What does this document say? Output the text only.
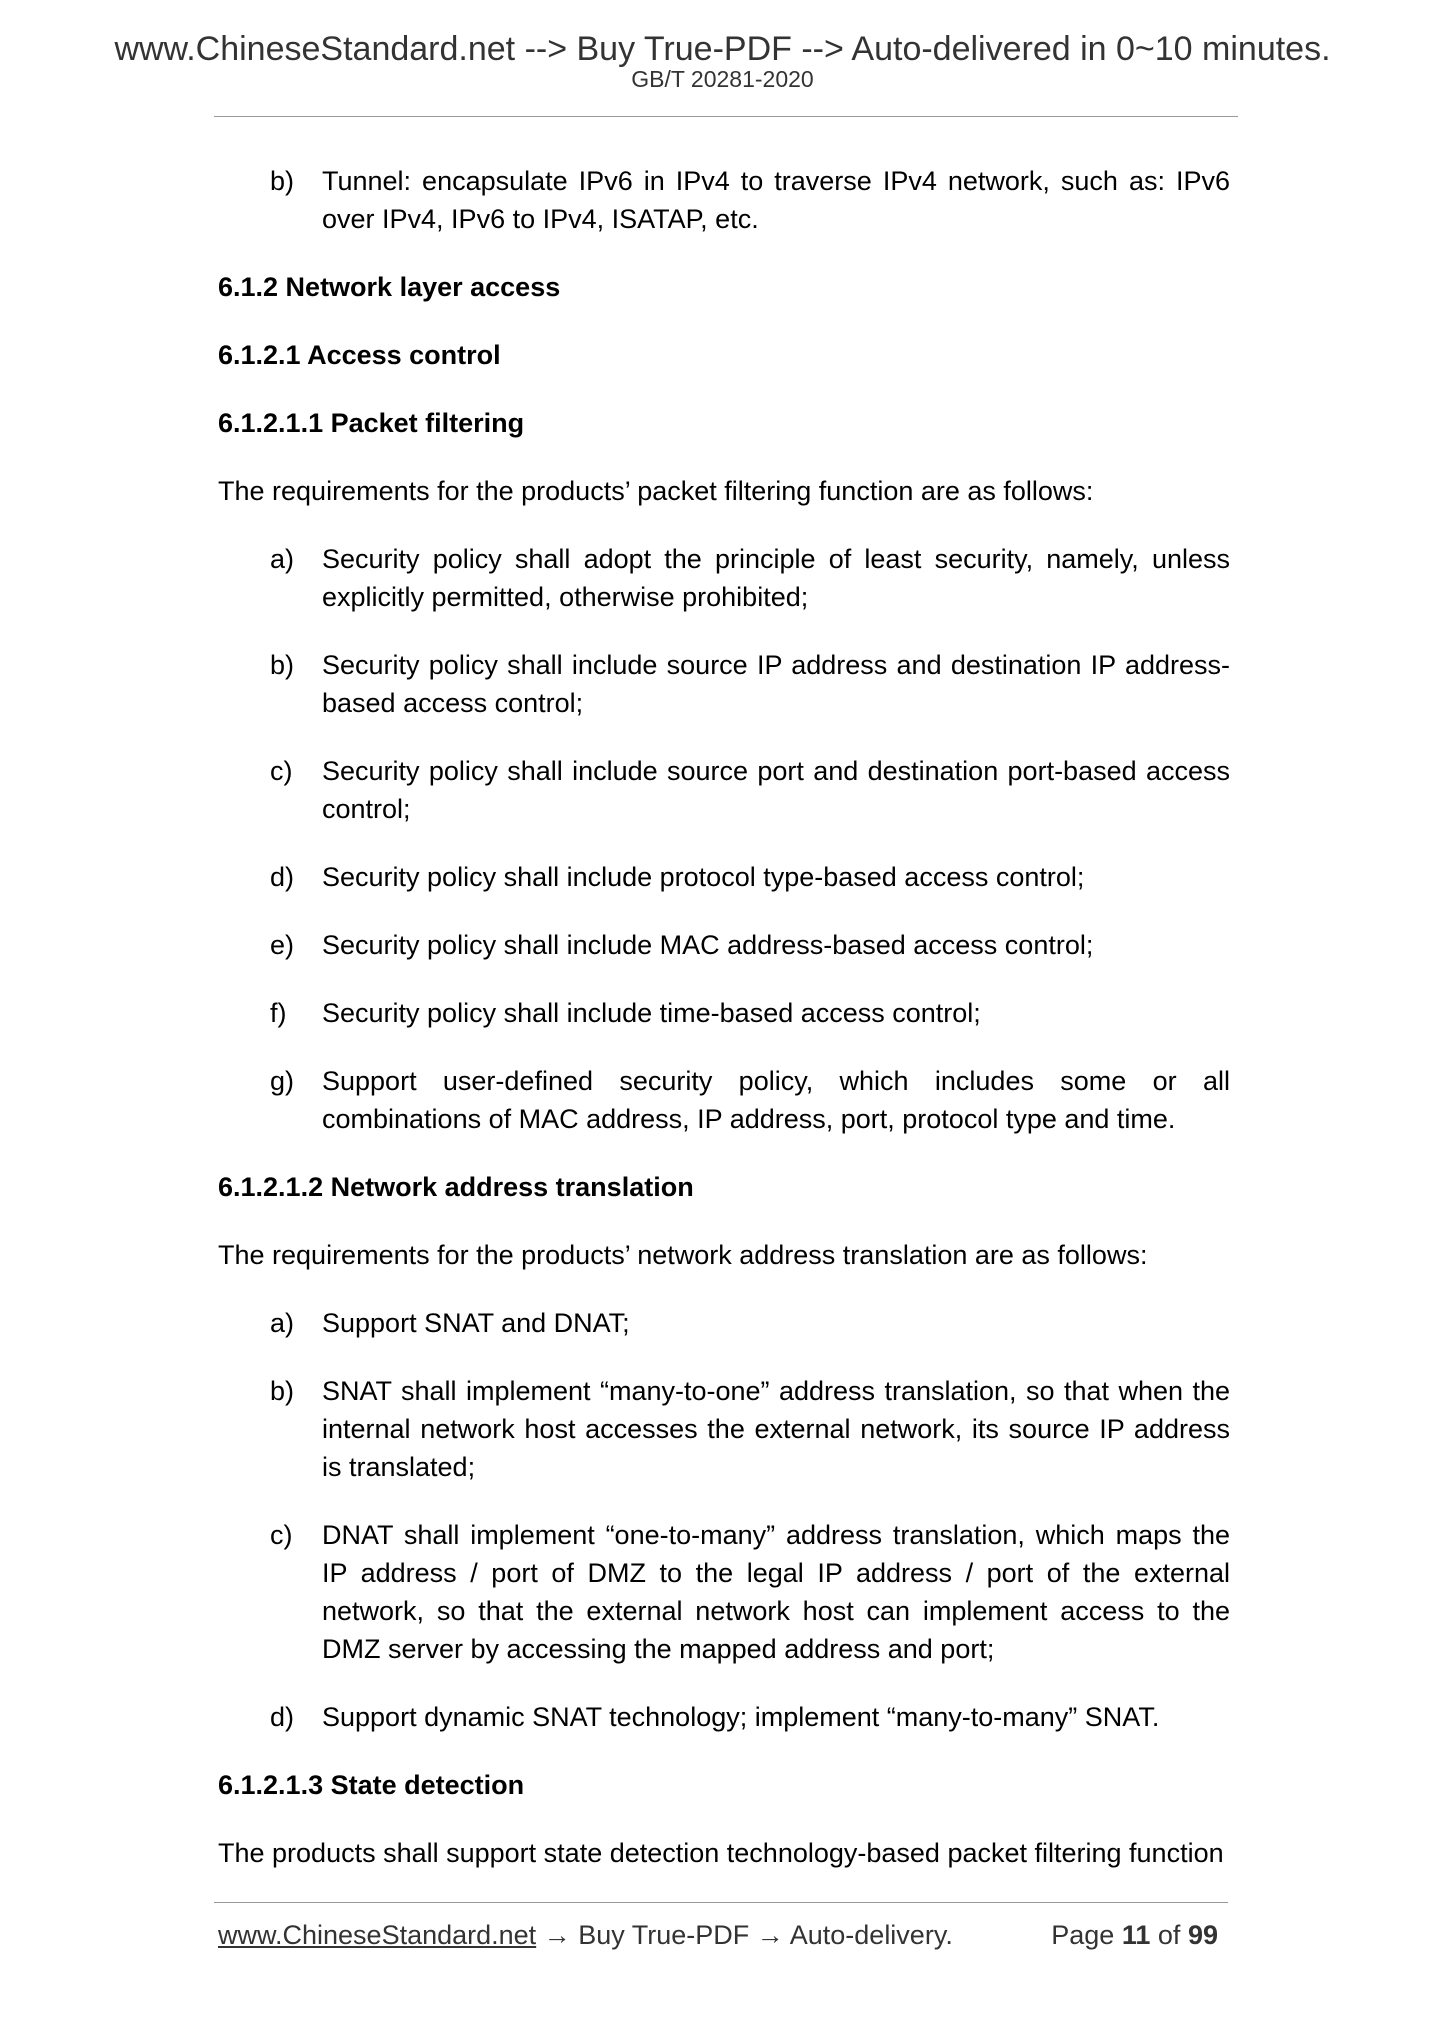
www.ChineseStandard.net --> Buy True-PDF --> Auto-delivered in 0~10 minutes.
GB/T 20281-2020
b)	Tunnel: encapsulate IPv6 in IPv4 to traverse IPv4 network, such as: IPv6 over IPv4, IPv6 to IPv4, ISATAP, etc.

6.1.2 Network layer access

6.1.2.1 Access control

6.1.2.1.1 Packet filtering

The requirements for the products’ packet filtering function are as follows:

a)	Security policy shall adopt the principle of least security, namely, unless explicitly permitted, otherwise prohibited;
b)	Security policy shall include source IP address and destination IP address-based access control;
c)	Security policy shall include source port and destination port-based access control;
d)	Security policy shall include protocol type-based access control;
e)	Security policy shall include MAC address-based access control;
f)	Security policy shall include time-based access control;
g)	Support user-defined security policy, which includes some or all combinations of MAC address, IP address, port, protocol type and time.

6.1.2.1.2 Network address translation

The requirements for the products’ network address translation are as follows:

a)	Support SNAT and DNAT;
b)	SNAT shall implement “many-to-one” address translation, so that when the internal network host accesses the external network, its source IP address is translated;
c)	DNAT shall implement “one-to-many” address translation, which maps the IP address / port of DMZ to the legal IP address / port of the external network, so that the external network host can implement access to the DMZ server by accessing the mapped address and port;
d)	Support dynamic SNAT technology; implement “many-to-many” SNAT.

6.1.2.1.3 State detection

The products shall support state detection technology-based packet filtering function

www.ChineseStandard.net → Buy True-PDF → Auto-delivery.	Page 11 of 99
